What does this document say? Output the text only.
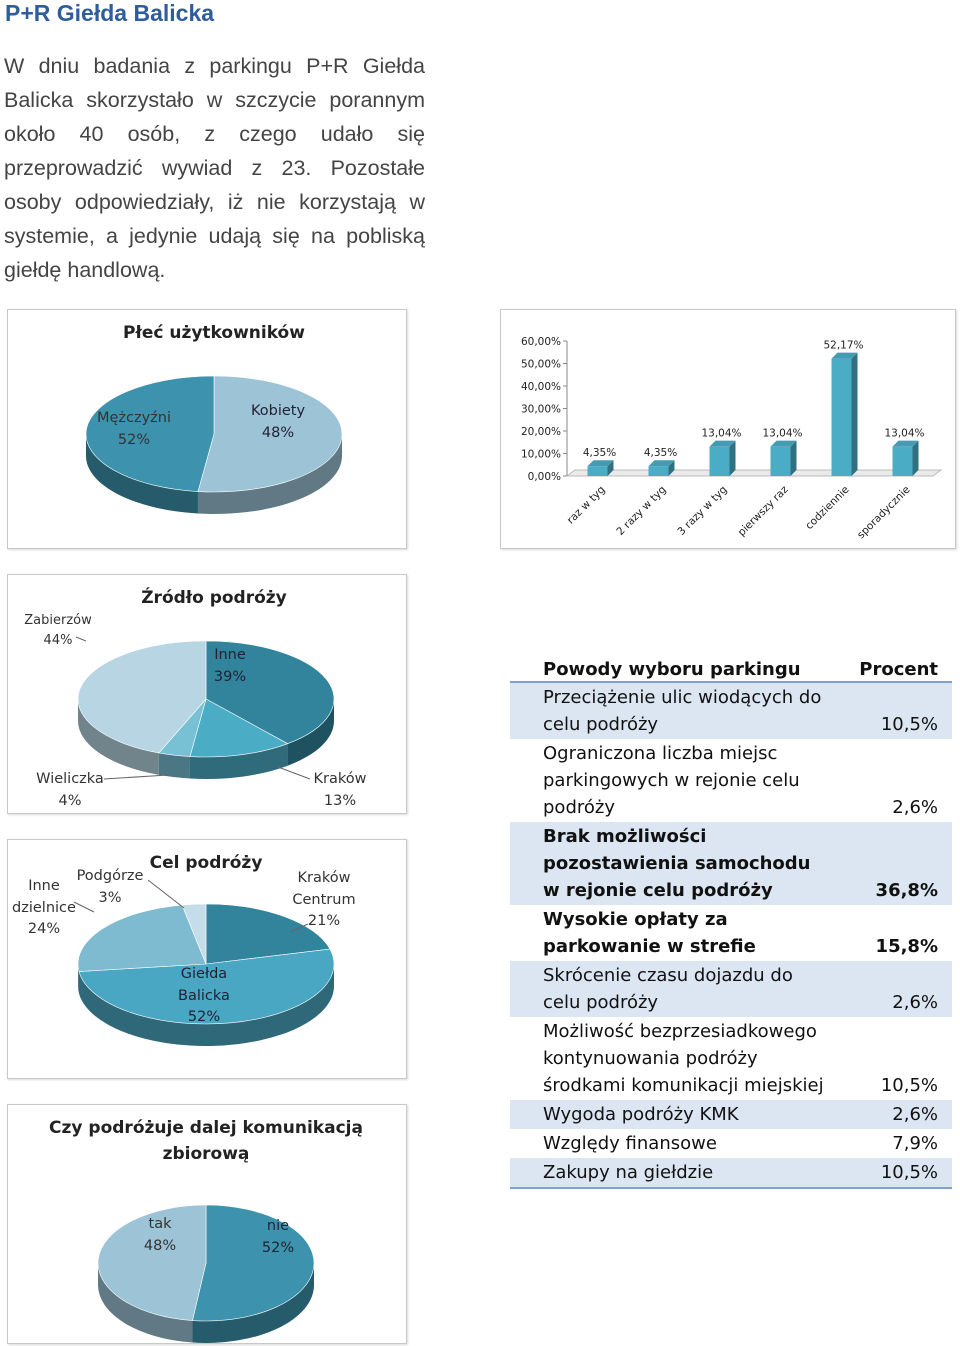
P+R Giełda Balicka

W dniu badania z parkingu P+R Giełda Balicka skorzystało w szczycie porannym około 40 osób, z czego udało się przeprowadzić wywiad z 23. Pozostałe osoby odpowiedziały, iż nie korzystają w systemie, a jedynie udają się na pobliską giełdę handlową.

Płeć użytkowników
Mężczyźni
52%
Kobiety
48%
0,00%
10,00%
20,00%
30,00%
40,00%
50,00%
60,00%
4,35%
raz w tyg
4,35%
2 razy w tyg
13,04%
3 razy w tyg
13,04%
pierwszy raz
52,17%
codziennie
13,04%
sporadycznie
Źródło podróży
Zabierzów
44%
Inne
39%
Wieliczka
4%
Kraków
13%
Cel podróży
Inne
dzielnice
24%
Podgórze
3%
Kraków
Centrum
21%
Giełda
Balicka
52%
Czy podróżuje dalej komunikacją
zbiorową
tak
48%
nie
52%
Powody wyboru parkingu	Procent
Przeciążenie ulic wiodących do celu podróży	10,5%
Ograniczona liczba miejsc parkingowych w rejonie celu podróży	2,6%
Brak możliwości pozostawienia samochodu w rejonie celu podróży	36,8%
Wysokie opłaty za parkowanie w strefie	15,8%
Skrócenie czasu dojazdu do celu podróży	2,6%
Możliwość bezprzesiadkowego kontynuowania podróży środkami komunikacji miejskiej	10,5%
Wygoda podróży KMK	2,6%
Względy finansowe	7,9%
Zakupy na giełdzie	10,5%
